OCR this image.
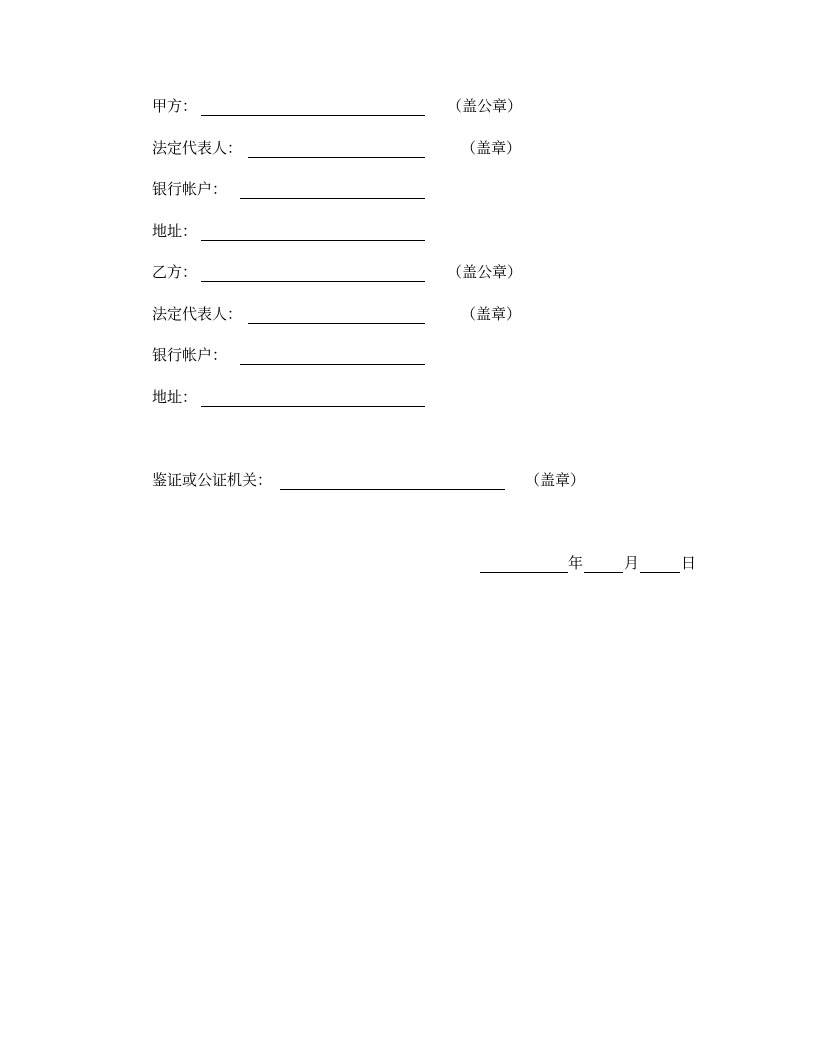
甲方：	（盖公章）
法定代表人：	（盖章）
银行帐户：
地址：
乙方：	（盖公章）
法定代表人：	（盖章）
银行帐户：
地址：
鉴证或公证机关：	（盖章）
年	月	日
